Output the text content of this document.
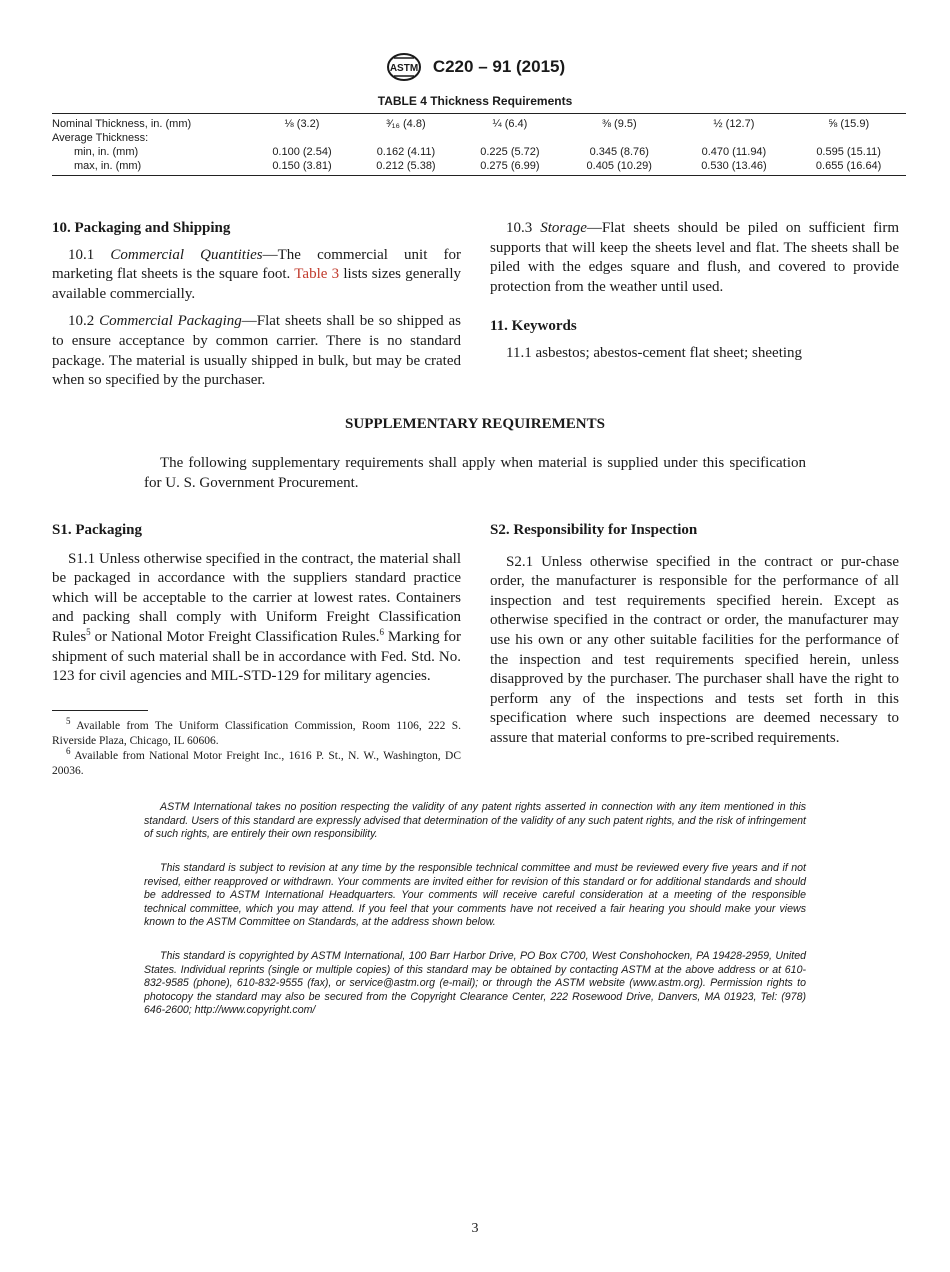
ASTM C220 – 91 (2015)
TABLE 4 Thickness Requirements
Nominal Thickness, in. (mm)	⅛ (3.2)	³⁄₁₆ (4.8)	¼ (6.4)	⅜ (9.5)	½ (12.7)	⅝ (15.9)
Average Thickness:						
min, in. (mm)	0.100 (2.54)	0.162 (4.11)	0.225 (5.72)	0.345 (8.76)	0.470 (11.94)	0.595 (15.11)
max, in. (mm)	0.150 (3.81)	0.212 (5.38)	0.275 (6.99)	0.405 (10.29)	0.530 (13.46)	0.655 (16.64)
10. Packaging and Shipping

10.1 Commercial Quantities—The commercial unit for marketing flat sheets is the square foot. Table 3 lists sizes generally available commercially.

10.2 Commercial Packaging—Flat sheets shall be so shipped as to ensure acceptance by common carrier. There is no standard package. The material is usually shipped in bulk, but may be crated when so specified by the purchaser.

10.3 Storage—Flat sheets should be piled on sufficient firm supports that will keep the sheets level and flat. The sheets shall be piled with the edges square and flush, and covered to provide protection from the weather until used.

11. Keywords

11.1 asbestos; abestos-cement flat sheet; sheeting

SUPPLEMENTARY REQUIREMENTS

The following supplementary requirements shall apply when material is supplied under this specification for U. S. Government Procurement.

S1. Packaging

S1.1 Unless otherwise specified in the contract, the material shall be packaged in accordance with the suppliers standard practice which will be acceptable to the carrier at lowest rates. Containers and packing shall comply with Uniform Freight Classification Rules$^5$ or National Motor Freight Classification Rules.$^6$ Marking for shipment of such material shall be in accordance with Fed. Std. No. 123 for civil agencies and MIL-STD-129 for military agencies.

S2. Responsibility for Inspection

S2.1 Unless otherwise specified in the contract or pur-chase order, the manufacturer is responsible for the performance of all inspection and test requirements specified herein. Except as otherwise specified in the contract or order, the manufacturer may use his own or any other suitable facilities for the performance of the inspection and test requirements specified herein, unless disapproved by the purchaser. The purchaser shall have the right to perform any of the inspections and tests set forth in this specification where such inspections are deemed necessary to assure that material conforms to pre-scribed requirements.

$^5$ Available from The Uniform Classification Commission, Room 1106, 222 S. Riverside Plaza, Chicago, IL 60606.

$^6$ Available from National Motor Freight Inc., 1616 P. St., N. W., Washington, DC 20036.

ASTM International takes no position respecting the validity of any patent rights asserted in connection with any item mentioned in this standard. Users of this standard are expressly advised that determination of the validity of any such patent rights, and the risk of infringement of such rights, are entirely their own responsibility.

This standard is subject to revision at any time by the responsible technical committee and must be reviewed every five years and if not revised, either reapproved or withdrawn. Your comments are invited either for revision of this standard or for additional standards and should be addressed to ASTM International Headquarters. Your comments will receive careful consideration at a meeting of the responsible technical committee, which you may attend. If you feel that your comments have not received a fair hearing you should make your views known to the ASTM Committee on Standards, at the address shown below.

This standard is copyrighted by ASTM International, 100 Barr Harbor Drive, PO Box C700, West Conshohocken, PA 19428-2959, United States. Individual reprints (single or multiple copies) of this standard may be obtained by contacting ASTM at the above address or at 610-832-9585 (phone), 610-832-9555 (fax), or service@astm.org (e-mail); or through the ASTM website (www.astm.org). Permission rights to photocopy the standard may also be secured from the Copyright Clearance Center, 222 Rosewood Drive, Danvers, MA 01923, Tel: (978) 646-2600; http://www.copyright.com/

3
